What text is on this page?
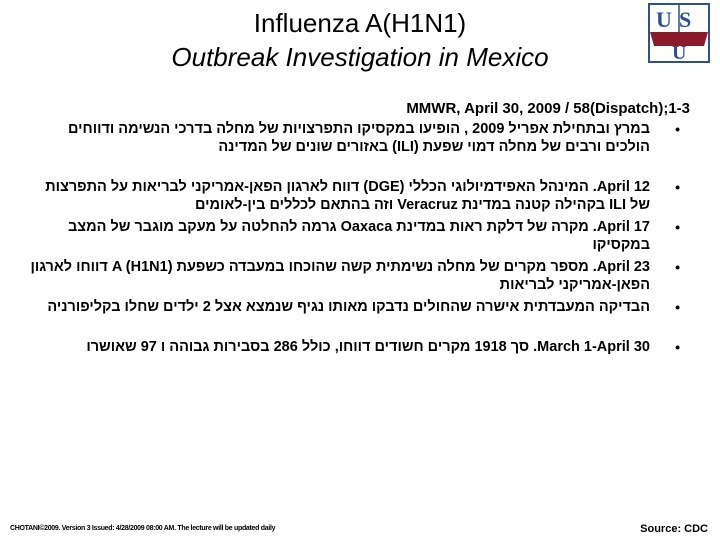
Influenza A(H1N1)
Outbreak Investigation in Mexico
U S
U
MMWR, April 30, 2009 / 58(Dispatch);1-3
•
במרץ ובתחילת אפריל 2009 , הופיעו במקסיקו התפרצויות של מחלה בדרכי הנשימה ודווחים הולכים ורבים של מחלה דמוי שפעת (ILI) באזורים שונים של המדינה
•
April 12. המינהל האפידמיולוגי הכללי (DGE) דווח לארגון הפאן-אמריקני לבריאות על התפרצות של ILI בקהילה קטנה במדינת Veracruz וזה בהתאם לכללים בין-לאומים
•
April 17. מקרה של דלקת ראות במדינת Oaxaca גרמה להחלטה על מעקב מוגבר של המצב במקסיקו
•
April 23. מספר מקרים של מחלה נשימתית קשה שהוכחו במעבדה כשפעת A (H1N1) דווחו לארגון הפאן-אמריקני לבריאות
•
הבדיקה המעבדתית אישרה שהחולים נדבקו מאותו נגיף שנמצא אצל 2 ילדים שחלו בקליפורניה
•
March 1-April 30. סך 1918 מקרים חשודים דווחו, כולל 286 בסבירות גבוהה ו 97 שאושרו
CHOTANI©2009. Version 3 Issued: 4/28/2009 08:00 AM. The lecture will be updated daily	Source: CDC
